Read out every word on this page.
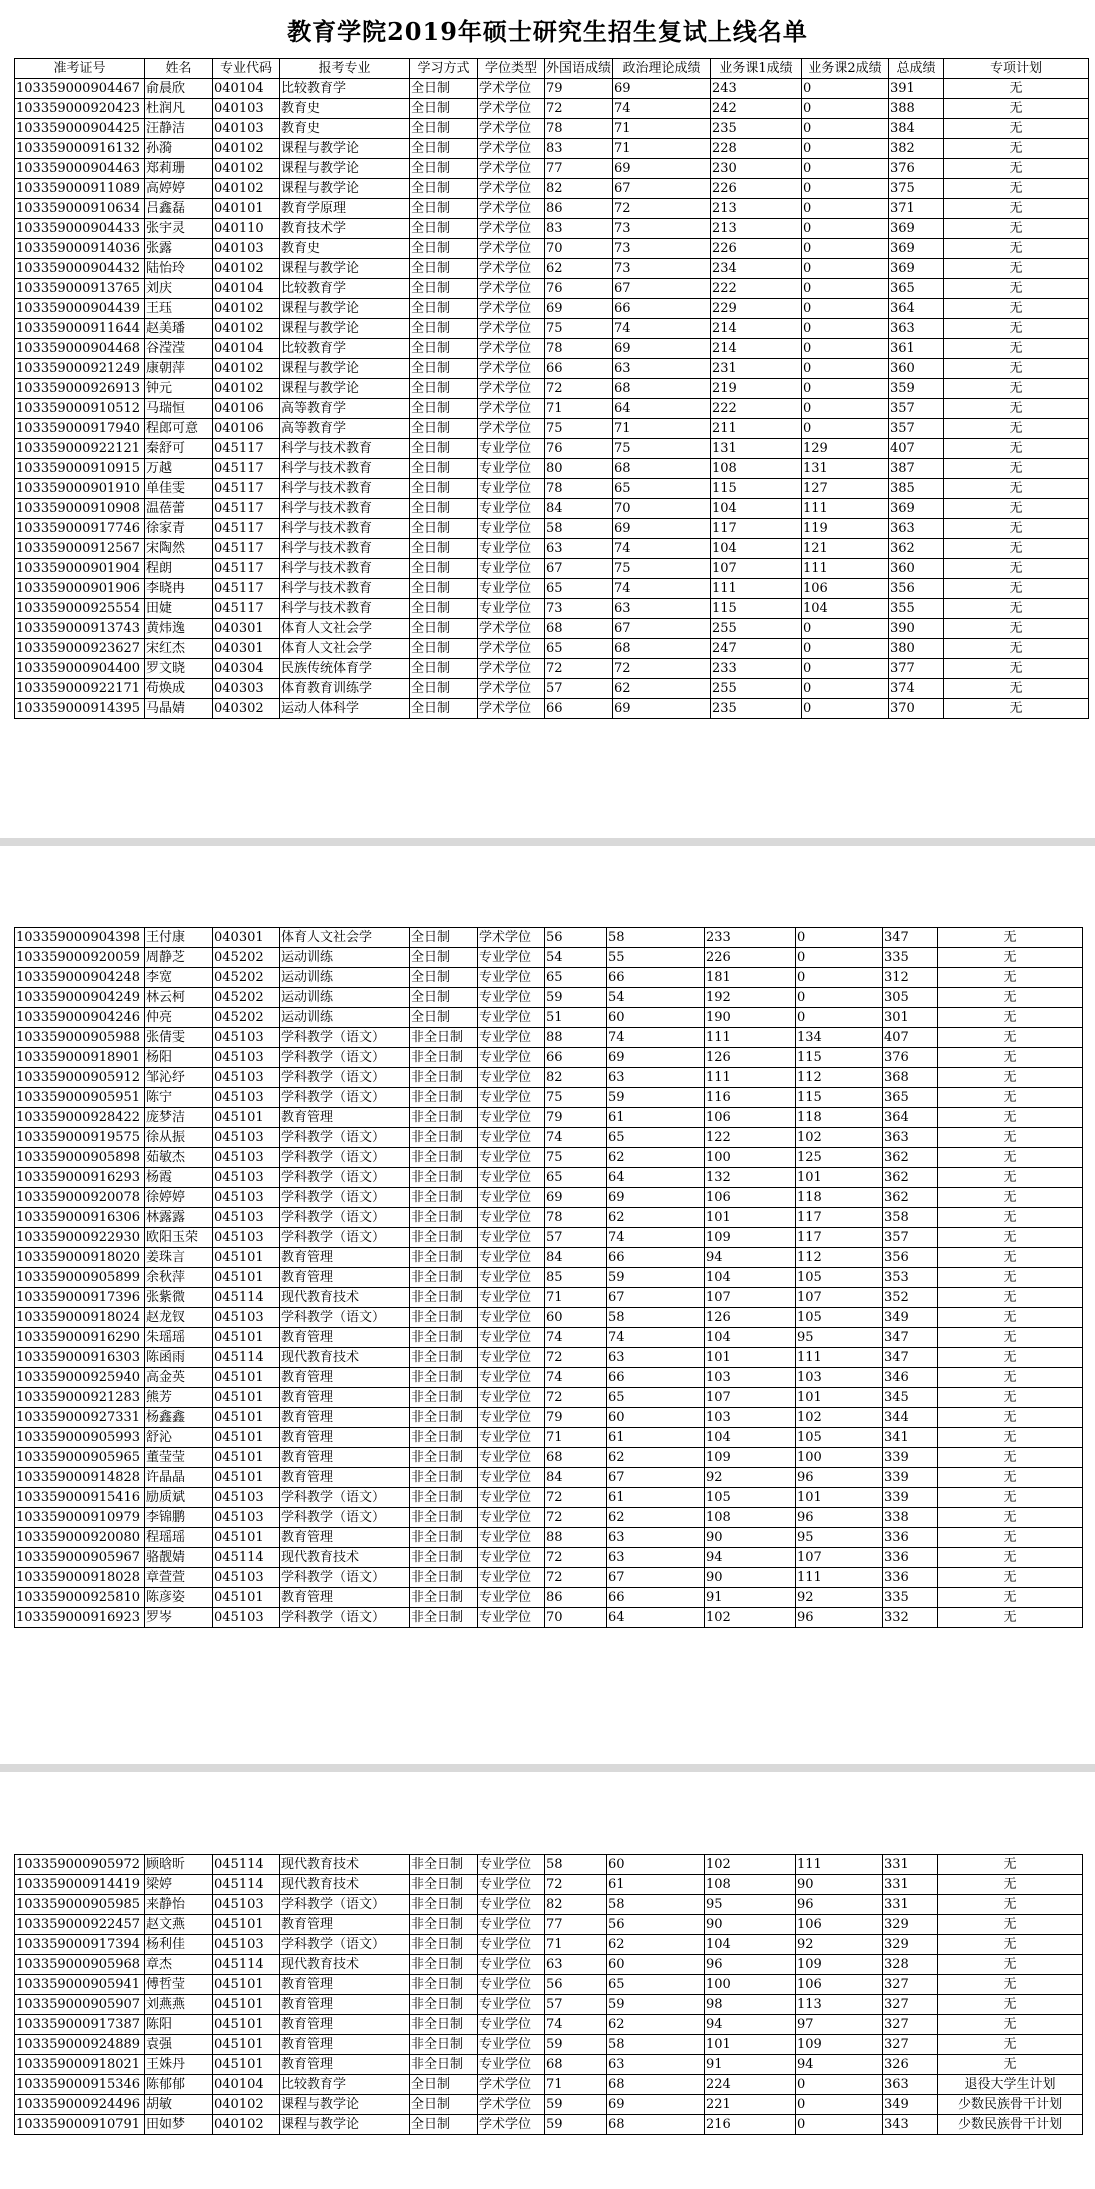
教育学院2019年硕士研究生招生复试上线名单
准考证号	姓名	专业代码	报考专业	学习方式	学位类型	外国语成绩	政治理论成绩	业务课1成绩	业务课2成绩	总成绩	专项计划
103359000904467	俞晨欣	040104	比较教育学	全日制	学术学位	79	69	243	0	391	无
103359000920423	杜润凡	040103	教育史	全日制	学术学位	72	74	242	0	388	无
103359000904425	汪静洁	040103	教育史	全日制	学术学位	78	71	235	0	384	无
103359000916132	孙漪	040102	课程与教学论	全日制	学术学位	83	71	228	0	382	无
103359000904463	郑莉珊	040102	课程与教学论	全日制	学术学位	77	69	230	0	376	无
103359000911089	高婷婷	040102	课程与教学论	全日制	学术学位	82	67	226	0	375	无
103359000910634	吕鑫磊	040101	教育学原理	全日制	学术学位	86	72	213	0	371	无
103359000904433	张宇灵	040110	教育技术学	全日制	学术学位	83	73	213	0	369	无
103359000914036	张露	040103	教育史	全日制	学术学位	70	73	226	0	369	无
103359000904432	陆怡玲	040102	课程与教学论	全日制	学术学位	62	73	234	0	369	无
103359000913765	刘庆	040104	比较教育学	全日制	学术学位	76	67	222	0	365	无
103359000904439	王珏	040102	课程与教学论	全日制	学术学位	69	66	229	0	364	无
103359000911644	赵美璠	040102	课程与教学论	全日制	学术学位	75	74	214	0	363	无
103359000904468	谷滢滢	040104	比较教育学	全日制	学术学位	78	69	214	0	361	无
103359000921249	康朝萍	040102	课程与教学论	全日制	学术学位	66	63	231	0	360	无
103359000926913	钟元	040102	课程与教学论	全日制	学术学位	72	68	219	0	359	无
103359000910512	马瑞恒	040106	高等教育学	全日制	学术学位	71	64	222	0	357	无
103359000917940	程郎可意	040106	高等教育学	全日制	学术学位	75	71	211	0	357	无
103359000922121	秦舒可	045117	科学与技术教育	全日制	专业学位	76	75	131	129	407	无
103359000910915	万越	045117	科学与技术教育	全日制	专业学位	80	68	108	131	387	无
103359000901910	单佳雯	045117	科学与技术教育	全日制	专业学位	78	65	115	127	385	无
103359000910908	温蓓蕾	045117	科学与技术教育	全日制	专业学位	84	70	104	111	369	无
103359000917746	徐家青	045117	科学与技术教育	全日制	专业学位	58	69	117	119	363	无
103359000912567	宋陶然	045117	科学与技术教育	全日制	专业学位	63	74	104	121	362	无
103359000901904	程朗	045117	科学与技术教育	全日制	专业学位	67	75	107	111	360	无
103359000901906	李晓冉	045117	科学与技术教育	全日制	专业学位	65	74	111	106	356	无
103359000925554	田婕	045117	科学与技术教育	全日制	专业学位	73	63	115	104	355	无
103359000913743	黄炜逸	040301	体育人文社会学	全日制	学术学位	68	67	255	0	390	无
103359000923627	宋红杰	040301	体育人文社会学	全日制	学术学位	65	68	247	0	380	无
103359000904400	罗文晓	040304	民族传统体育学	全日制	学术学位	72	72	233	0	377	无
103359000922171	苟焕成	040303	体育教育训练学	全日制	学术学位	57	62	255	0	374	无
103359000914395	马晶婧	040302	运动人体科学	全日制	学术学位	66	69	235	0	370	无
103359000904398	王付康	040301	体育人文社会学	全日制	学术学位	56	58	233	0	347	无
103359000920059	周静芝	045202	运动训练	全日制	专业学位	54	55	226	0	335	无
103359000904248	李宽	045202	运动训练	全日制	专业学位	65	66	181	0	312	无
103359000904249	林云柯	045202	运动训练	全日制	专业学位	59	54	192	0	305	无
103359000904246	仲亮	045202	运动训练	全日制	专业学位	51	60	190	0	301	无
103359000905988	张倩雯	045103	学科教学（语文）	非全日制	专业学位	88	74	111	134	407	无
103359000918901	杨阳	045103	学科教学（语文）	非全日制	专业学位	66	69	126	115	376	无
103359000905912	邹沁纾	045103	学科教学（语文）	非全日制	专业学位	82	63	111	112	368	无
103359000905951	陈宁	045103	学科教学（语文）	非全日制	专业学位	75	59	116	115	365	无
103359000928422	庞梦洁	045101	教育管理	非全日制	专业学位	79	61	106	118	364	无
103359000919575	徐从振	045103	学科教学（语文）	非全日制	专业学位	74	65	122	102	363	无
103359000905898	茹敏杰	045103	学科教学（语文）	非全日制	专业学位	75	62	100	125	362	无
103359000916293	杨霞	045103	学科教学（语文）	非全日制	专业学位	65	64	132	101	362	无
103359000920078	徐婷婷	045103	学科教学（语文）	非全日制	专业学位	69	69	106	118	362	无
103359000916306	林露露	045103	学科教学（语文）	非全日制	专业学位	78	62	101	117	358	无
103359000922930	欧阳玉荣	045103	学科教学（语文）	非全日制	专业学位	57	74	109	117	357	无
103359000918020	姜珠言	045101	教育管理	非全日制	专业学位	84	66	94	112	356	无
103359000905899	余秋萍	045101	教育管理	非全日制	专业学位	85	59	104	105	353	无
103359000917396	张紫微	045114	现代教育技术	非全日制	专业学位	71	67	107	107	352	无
103359000918024	赵龙钗	045103	学科教学（语文）	非全日制	专业学位	60	58	126	105	349	无
103359000916290	朱瑶瑶	045101	教育管理	非全日制	专业学位	74	74	104	95	347	无
103359000916303	陈函雨	045114	现代教育技术	非全日制	专业学位	72	63	101	111	347	无
103359000925940	高金英	045101	教育管理	非全日制	专业学位	74	66	103	103	346	无
103359000921283	熊芳	045101	教育管理	非全日制	专业学位	72	65	107	101	345	无
103359000927331	杨鑫鑫	045101	教育管理	非全日制	专业学位	79	60	103	102	344	无
103359000905993	舒沁	045101	教育管理	非全日制	专业学位	71	61	104	105	341	无
103359000905965	董莹莹	045101	教育管理	非全日制	专业学位	68	62	109	100	339	无
103359000914828	许晶晶	045101	教育管理	非全日制	专业学位	84	67	92	96	339	无
103359000915416	励质斌	045103	学科教学（语文）	非全日制	专业学位	72	61	105	101	339	无
103359000910979	李锦鹏	045103	学科教学（语文）	非全日制	专业学位	72	62	108	96	338	无
103359000920080	程瑶瑶	045101	教育管理	非全日制	专业学位	88	63	90	95	336	无
103359000905967	骆靓婧	045114	现代教育技术	非全日制	专业学位	72	63	94	107	336	无
103359000918028	章萱萱	045103	学科教学（语文）	非全日制	专业学位	72	67	90	111	336	无
103359000925810	陈彦姿	045101	教育管理	非全日制	专业学位	86	66	91	92	335	无
103359000916923	罗岑	045103	学科教学（语文）	非全日制	专业学位	70	64	102	96	332	无
103359000905972	顾晗昕	045114	现代教育技术	非全日制	专业学位	58	60	102	111	331	无
103359000914419	梁婷	045114	现代教育技术	非全日制	专业学位	72	61	108	90	331	无
103359000905985	来静怡	045103	学科教学（语文）	非全日制	专业学位	82	58	95	96	331	无
103359000922457	赵文燕	045101	教育管理	非全日制	专业学位	77	56	90	106	329	无
103359000917394	杨利佳	045103	学科教学（语文）	非全日制	专业学位	71	62	104	92	329	无
103359000905968	章杰	045114	现代教育技术	非全日制	专业学位	63	60	96	109	328	无
103359000905941	傅哲莹	045101	教育管理	非全日制	专业学位	56	65	100	106	327	无
103359000905907	刘燕燕	045101	教育管理	非全日制	专业学位	57	59	98	113	327	无
103359000917387	陈阳	045101	教育管理	非全日制	专业学位	74	62	94	97	327	无
103359000924889	袁强	045101	教育管理	非全日制	专业学位	59	58	101	109	327	无
103359000918021	王姝丹	045101	教育管理	非全日制	专业学位	68	63	91	94	326	无
103359000915346	陈郁郁	040104	比较教育学	全日制	学术学位	71	68	224	0	363	退役大学生计划
103359000924496	胡敏	040102	课程与教学论	全日制	学术学位	59	69	221	0	349	少数民族骨干计划
103359000910791	田如梦	040102	课程与教学论	全日制	学术学位	59	68	216	0	343	少数民族骨干计划
